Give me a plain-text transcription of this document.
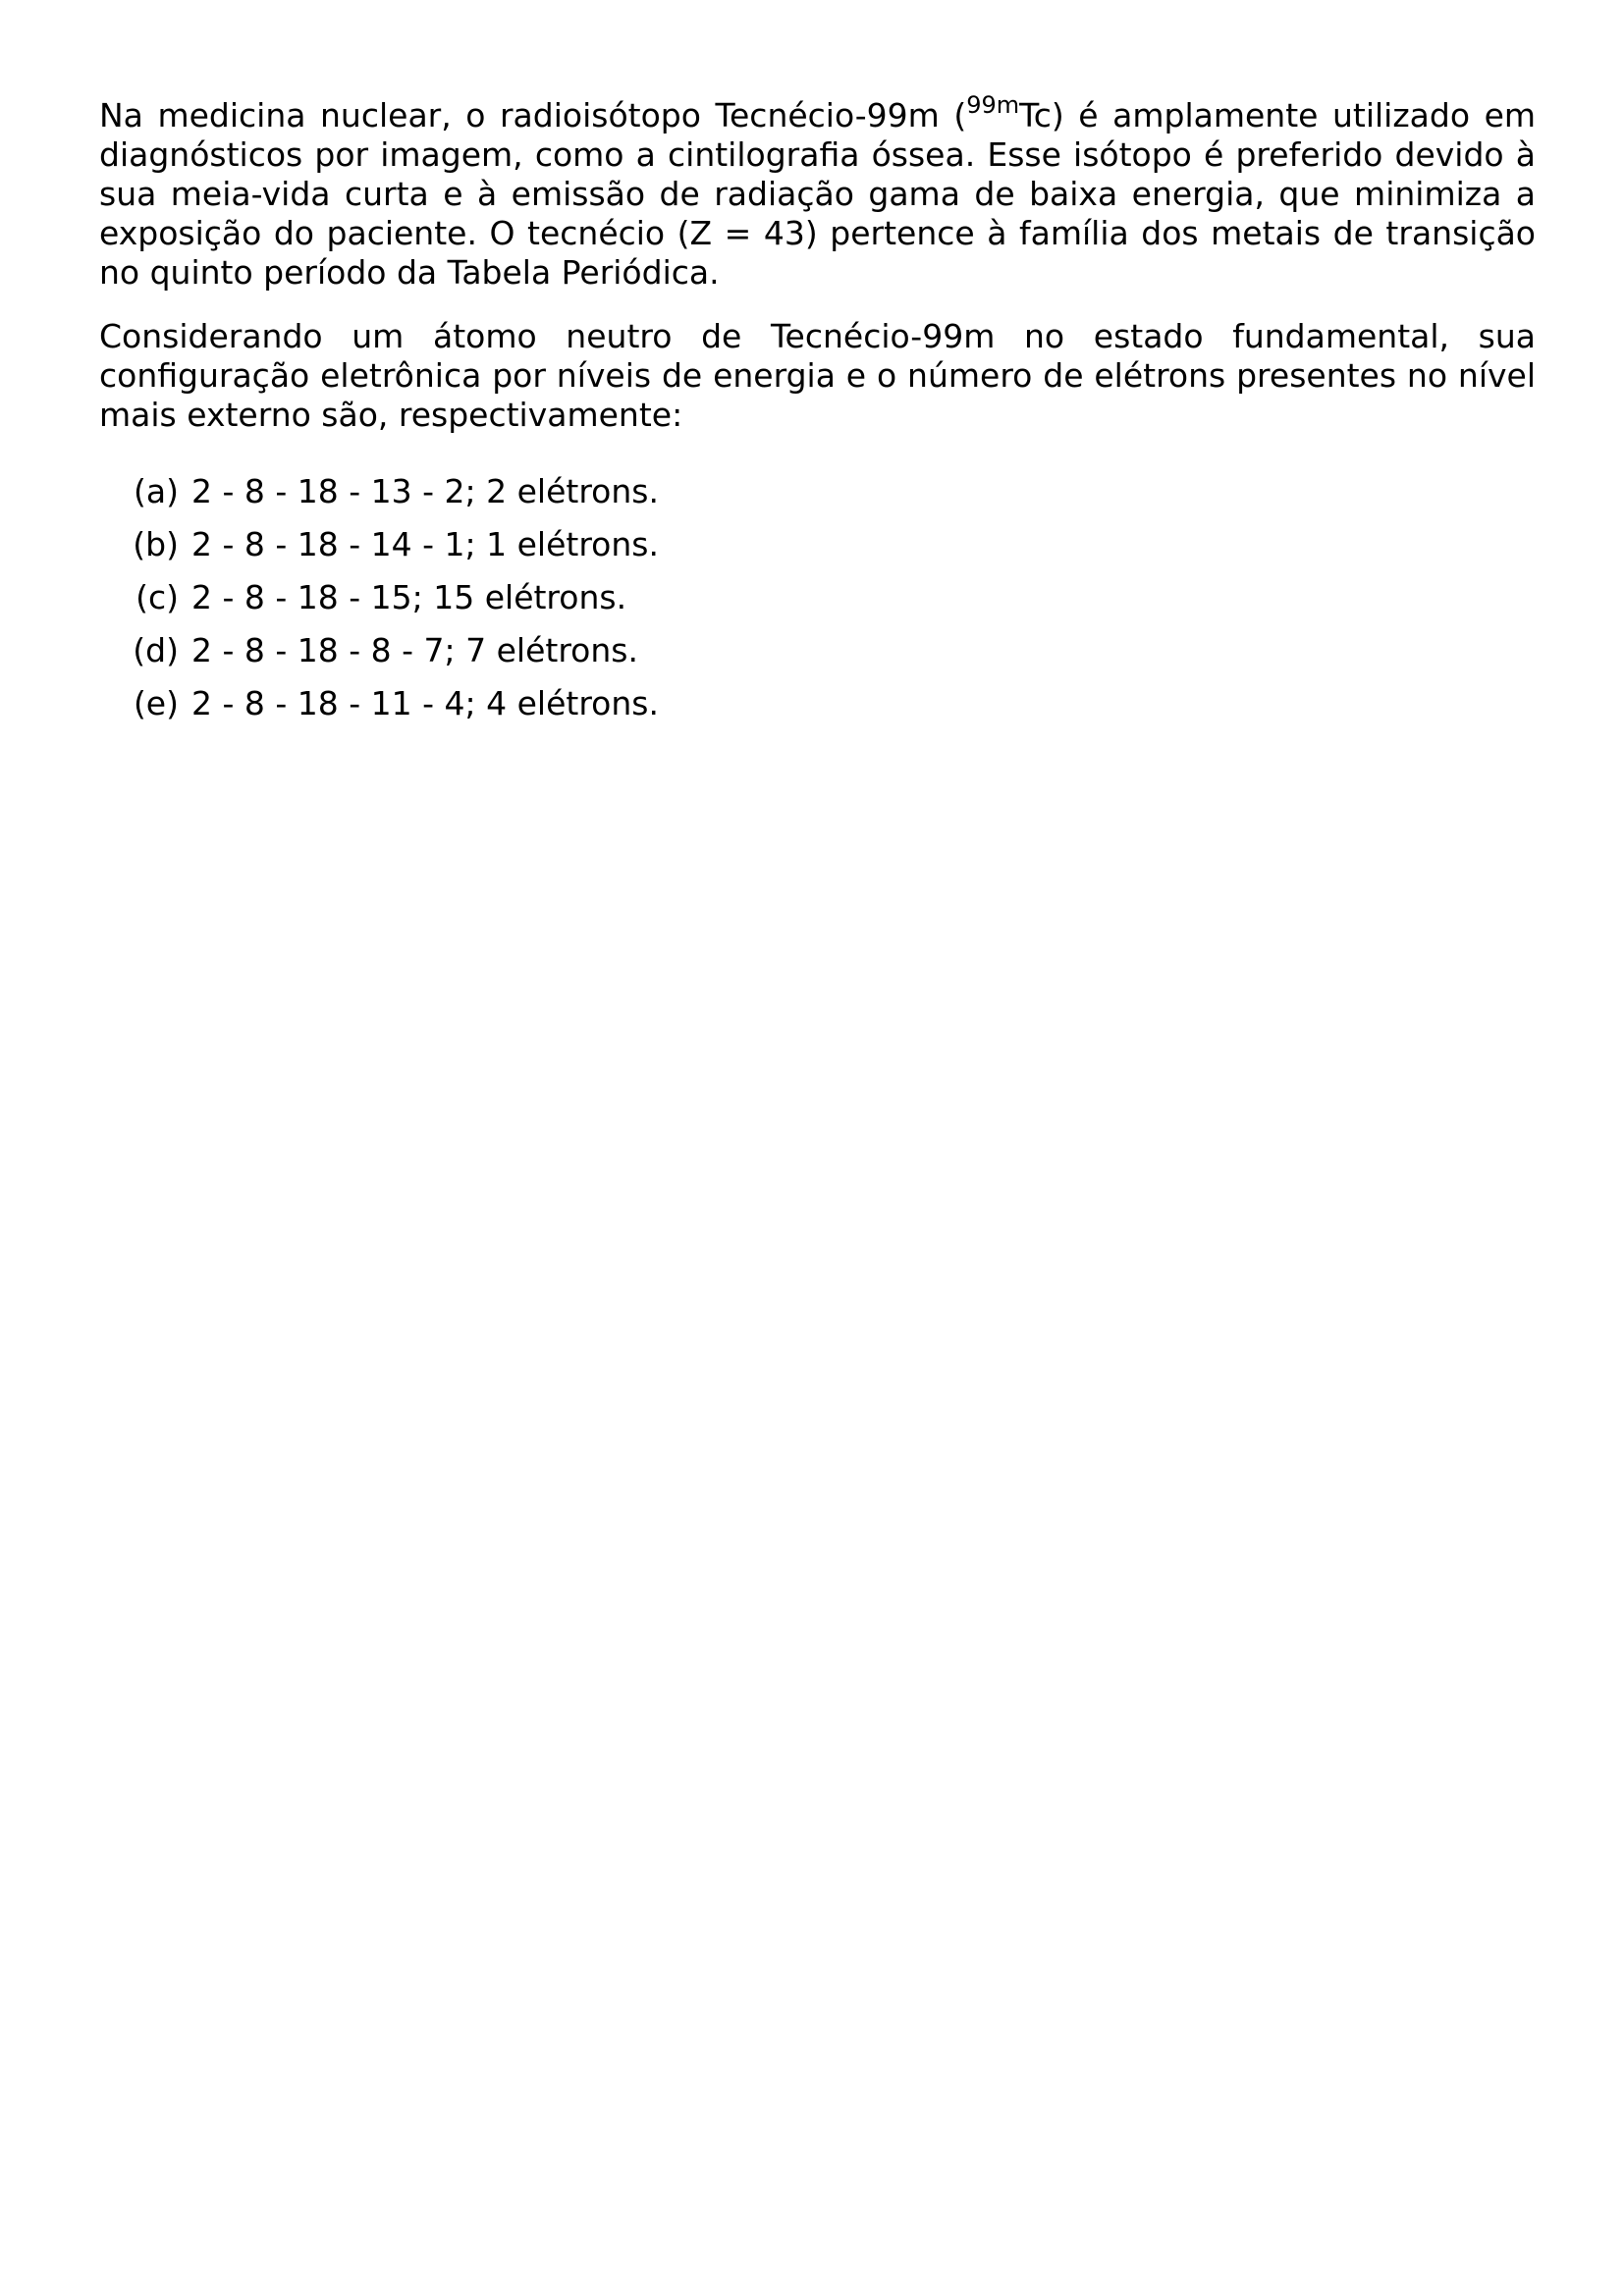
Na medicina nuclear, o radioisótopo Tecnécio-99m ($^{99m}$Tc) é amplamente utilizado em diagnósticos por imagem, como a cintilografia óssea. Esse isótopo é preferido devido à sua meia-vida curta e à emissão de radiação gama de baixa energia, que minimiza a exposição do paciente. O tecnécio (Z = 43) pertence à família dos metais de transição no quinto período da Tabela Periódica.

Considerando um átomo neutro de Tecnécio-99m no estado fundamental, sua configuração eletrônica por níveis de energia e o número de elétrons presentes no nível mais externo são, respectivamente:

(a) 2 - 8 - 18 - 13 - 2; 2 elétrons.
(b) 2 - 8 - 18 - 14 - 1; 1 elétrons.
(c) 2 - 8 - 18 - 15; 15 elétrons.
(d) 2 - 8 - 18 - 8 - 7; 7 elétrons.
(e) 2 - 8 - 18 - 11 - 4; 4 elétrons.
